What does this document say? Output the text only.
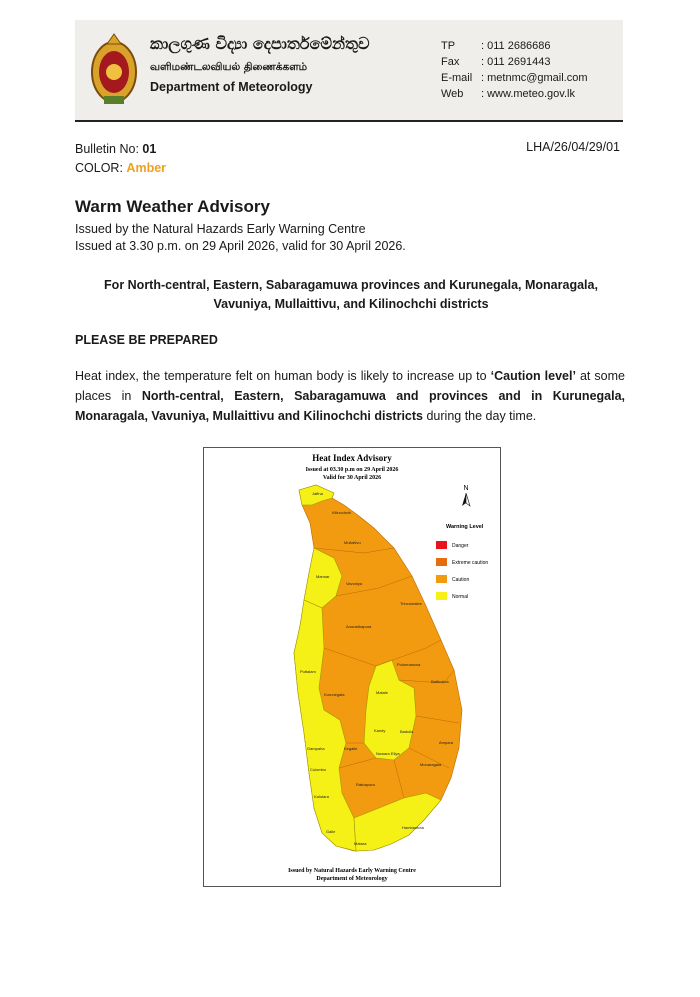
කාලගුණ විද්‍යා දෙපාර්තමේන්තුව
வளிமண்டலவியல் திணைக்களம்
Department of Meteorology
TP	: 011 2686686
Fax	: 011 2691443
E-mail : metnmc@gmail.com
Web	: www.meteo.gov.lk
Bulletin No: 01
COLOR: Amber
LHA/26/04/29/01
Warm Weather Advisory
Issued by the Natural Hazards Early Warning Centre
Issued at 3.30 p.m. on 29 April 2026, valid for 30 April 2026.
For North-central, Eastern, Sabaragamuwa provinces and Kurunegala, Monaragala,
Vavuniya, Mullaittivu, and Kilinochchi districts
PLEASE BE PREPARED
Heat index, the temperature felt on human body is likely to increase up to ‘Caution level’ at some places in North-central, Eastern, Sabaragamuwa and provinces and in Kurunegala, Monaragala, Vavuniya, Mullaittivu and Kilinochchi districts during the day time.
Heat Index Advisory
Issued at 03.30 p.m on 29 April 2026
Valid for 30 April 2026
N
Jaffna
Kilinochchi
Mullaitivu
Mannar
Vavuniya
Trincomalee
Anuradhapura
Puttalam
Polonnaruwa
Batticaloa
Kurunegala	Matale
Ampara
Kandy
Gampaha	Kegalle
Badulla
Nuwara Eliya
Colombo
Monaragala
Ratnapura
Kalutara
Galle
Hambantota
Matara
Warning Level
Danger
Extreme caution
Caution
Normal
Issued by Natural Hazards Early Warning Centre
Department of Meteorology
